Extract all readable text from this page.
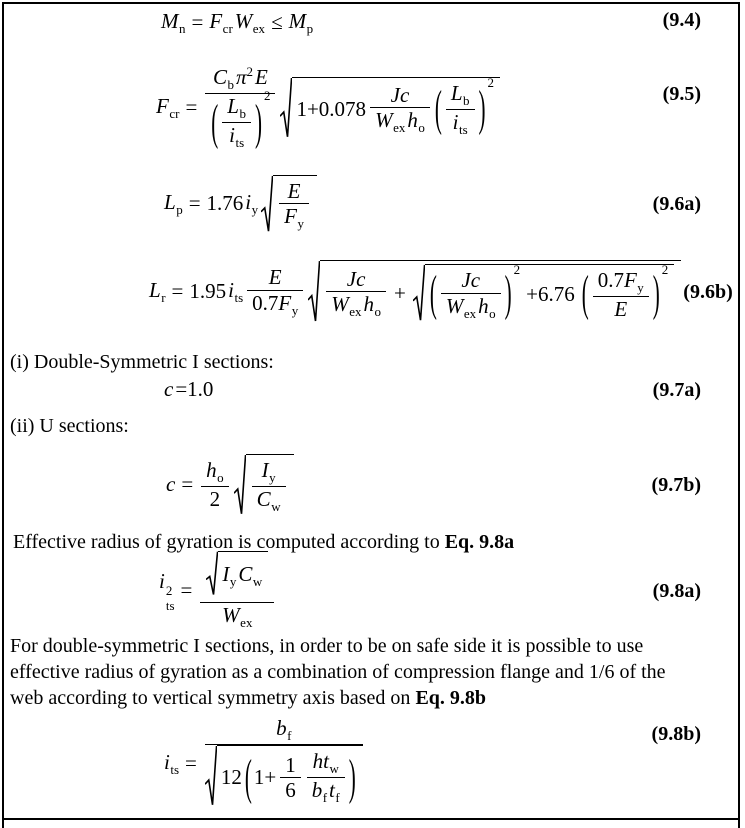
$M_n = F_{cr}$ $W_{ex} \le M_p$	(9.4)
$F_{cr}$ =
$C_b\pi^2E$
( $L_b$
$i_{ts}$ ) 2
1+0.078
Jc
$W_{ex}h_o$ ( $L_b$
$i_{ts}$ ) 2	(9.5)
$L_p = 1.76$ $i_y \frac{E}{F_y}$	(9.6a)
$L_r = 1.95$ $i_{ts} \frac{E}{0.7F_y}$	Jc
$W_{ex}h_o$
+ (	Jc
$W_{ex}h_o$ ) 2
+6.76 ( $\frac{0.7F_y}{E}$ ) 2
(9.6b)
(i) Double-Symmetric I sections:
c =1.0	(9.7a)
(ii) U sections:
$c = \frac{h_o}{2} \frac{I_y}{C_w}$	(9.7b)
Effective radius of gyration is computed according to Eq. 9.8a
i 2
ts
=
$I_y$ $C_w$
$W_{ex}$
(9.8a)
For double-symmetric I sections, in order to be on safe side it is possible to use
effective radius of gyration as a combination of compression flange and 1/6 of the
web according to vertical symmetry axis based on Eq. 9.8b
$i_{ts}$ =
$b_f$
12 ( $1+ \frac{1}{6} ht_w$
$b_ft_f$ )
(9.8b)
